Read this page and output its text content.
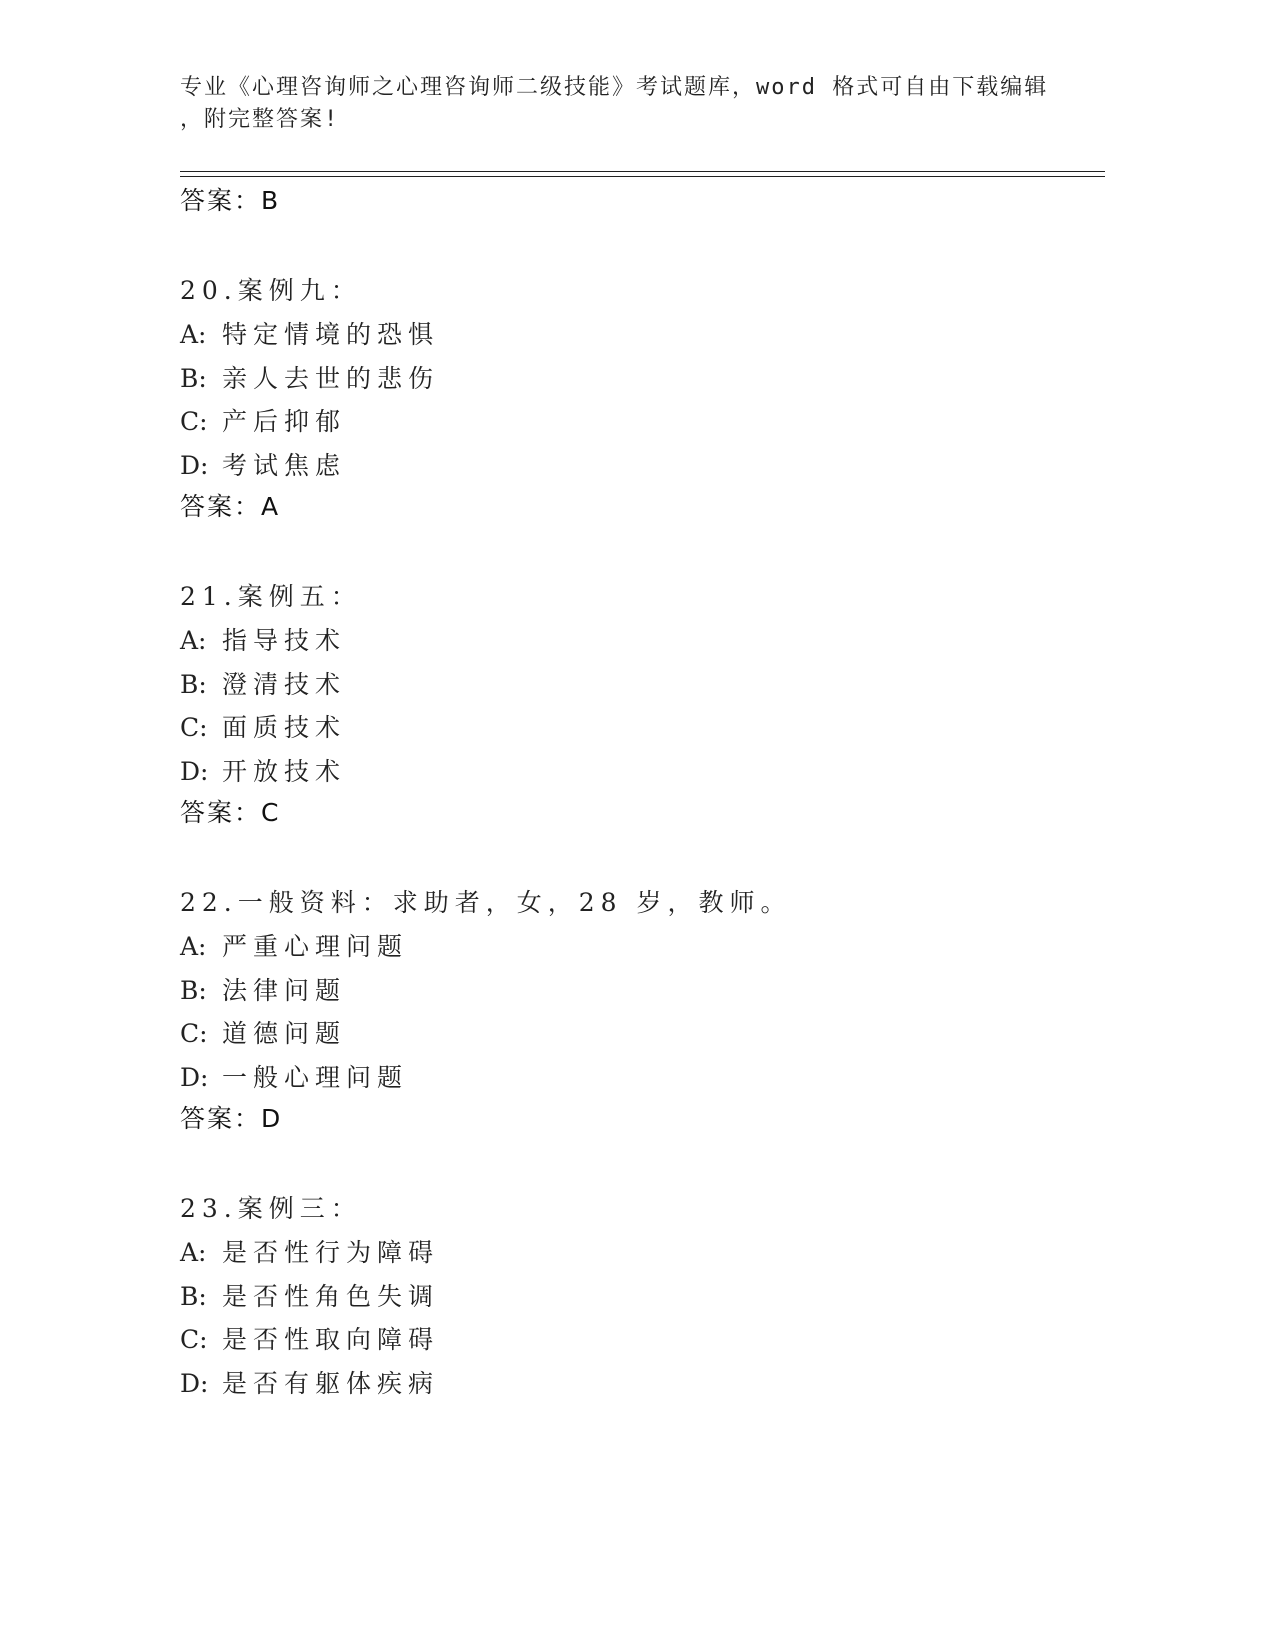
专业《心理咨询师之心理咨询师二级技能》考试题库，word 格式可自由下载编辑
，附完整答案!
答案：B
20.案例九：
A: 特定情境的恐惧
B: 亲人去世的悲伤
C: 产后抑郁
D: 考试焦虑
答案：A
21.案例五：
A: 指导技术
B: 澄清技术
C: 面质技术
D: 开放技术
答案：C
22.一般资料：求助者，女，28 岁，教师。
A: 严重心理问题
B: 法律问题
C: 道德问题
D: 一般心理问题
答案：D
23.案例三：
A: 是否性行为障碍
B: 是否性角色失调
C: 是否性取向障碍
D: 是否有躯体疾病
